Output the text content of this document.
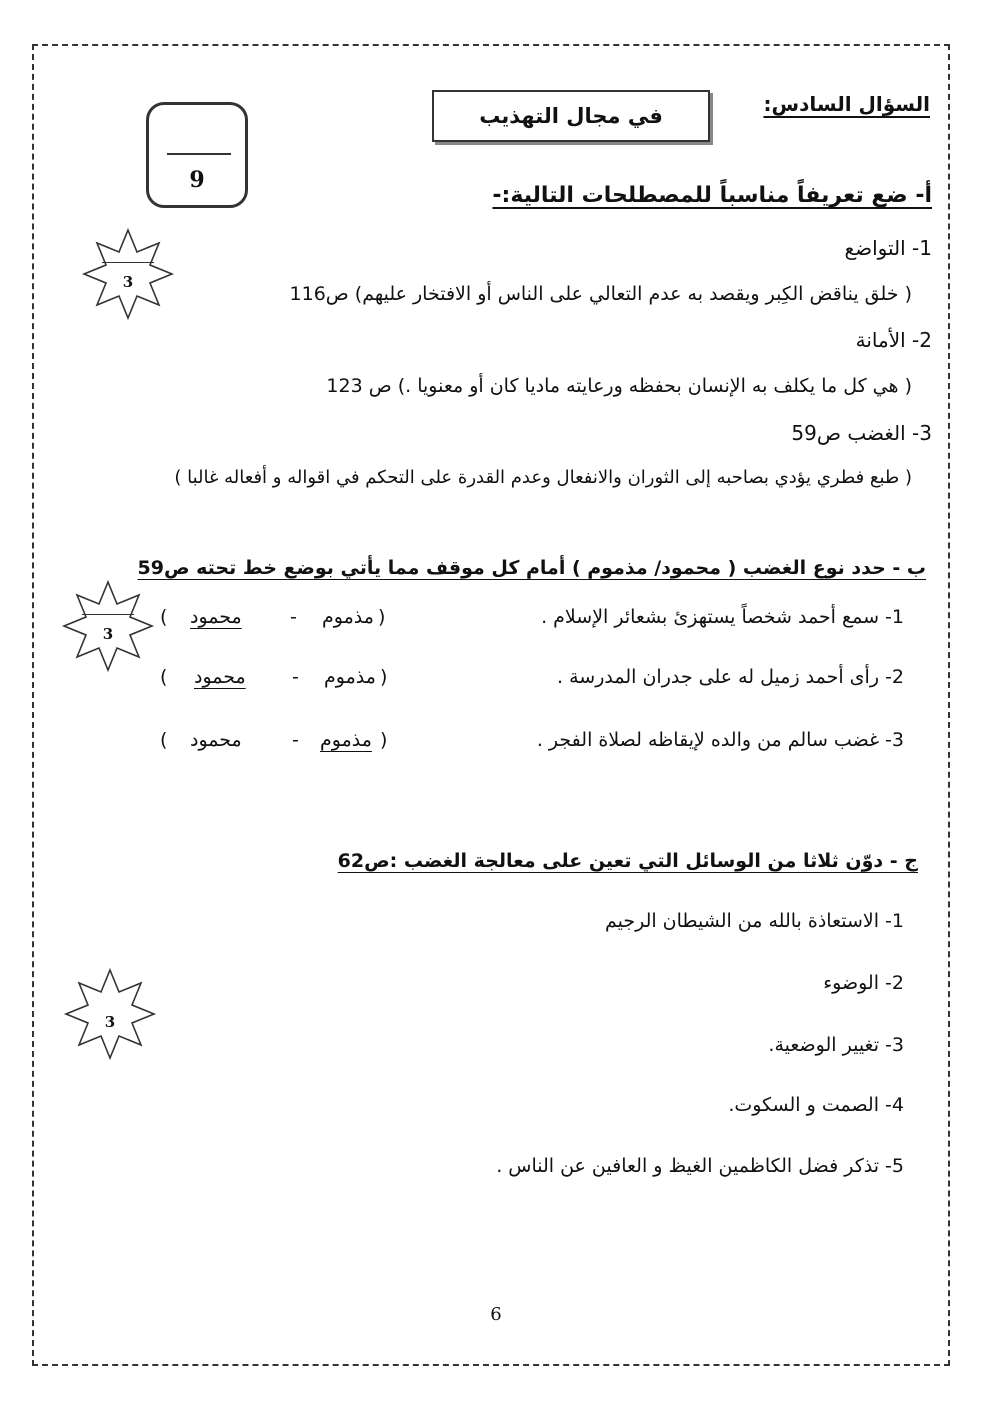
السؤال السادس:
في مجال التهذيب
9
أ- ضع تعريفاً مناسباً للمصطلحات التالية:-
3
1- التواضع
( خلق يناقض الكِبر ويقصد به عدم التعالي على الناس أو الافتخار عليهم) ص116
2- الأمانة
( هي كل ما يكلف به الإنسان بحفظه ورعايته ماديا كان أو معنويا .) ص 123
3- الغضب ص59
( طبع فطري يؤدي بصاحبه إلى الثوران والانفعال وعدم القدرة على التحكم في اقواله و أفعاله غالبا )
ب - حدد نوع الغضب ( محمود/ مذموم ) أمام كل موقف مما يأتي بوضع خط تحته ص59
3
1- سمع أحمد شخصاً يستهزئ بشعائر الإسلام .
(
مذموم
-
محمود
)
2- رأى أحمد زميل له على جدران المدرسة .
(
مذموم
-
محمود
)
3- غضب سالم من والده لإيقاظه لصلاة الفجر .
(
مذموم
-
محمود
)
ج - دوّن ثلاثا من الوسائل التي تعين على معالجة الغضب :ص62
3
1- الاستعاذة بالله من الشيطان الرجيم
2- الوضوء
3- تغيير الوضعية.
4- الصمت و السكوت.
5- تذكر فضل الكاظمين الغيظ و العافين عن الناس .
6
